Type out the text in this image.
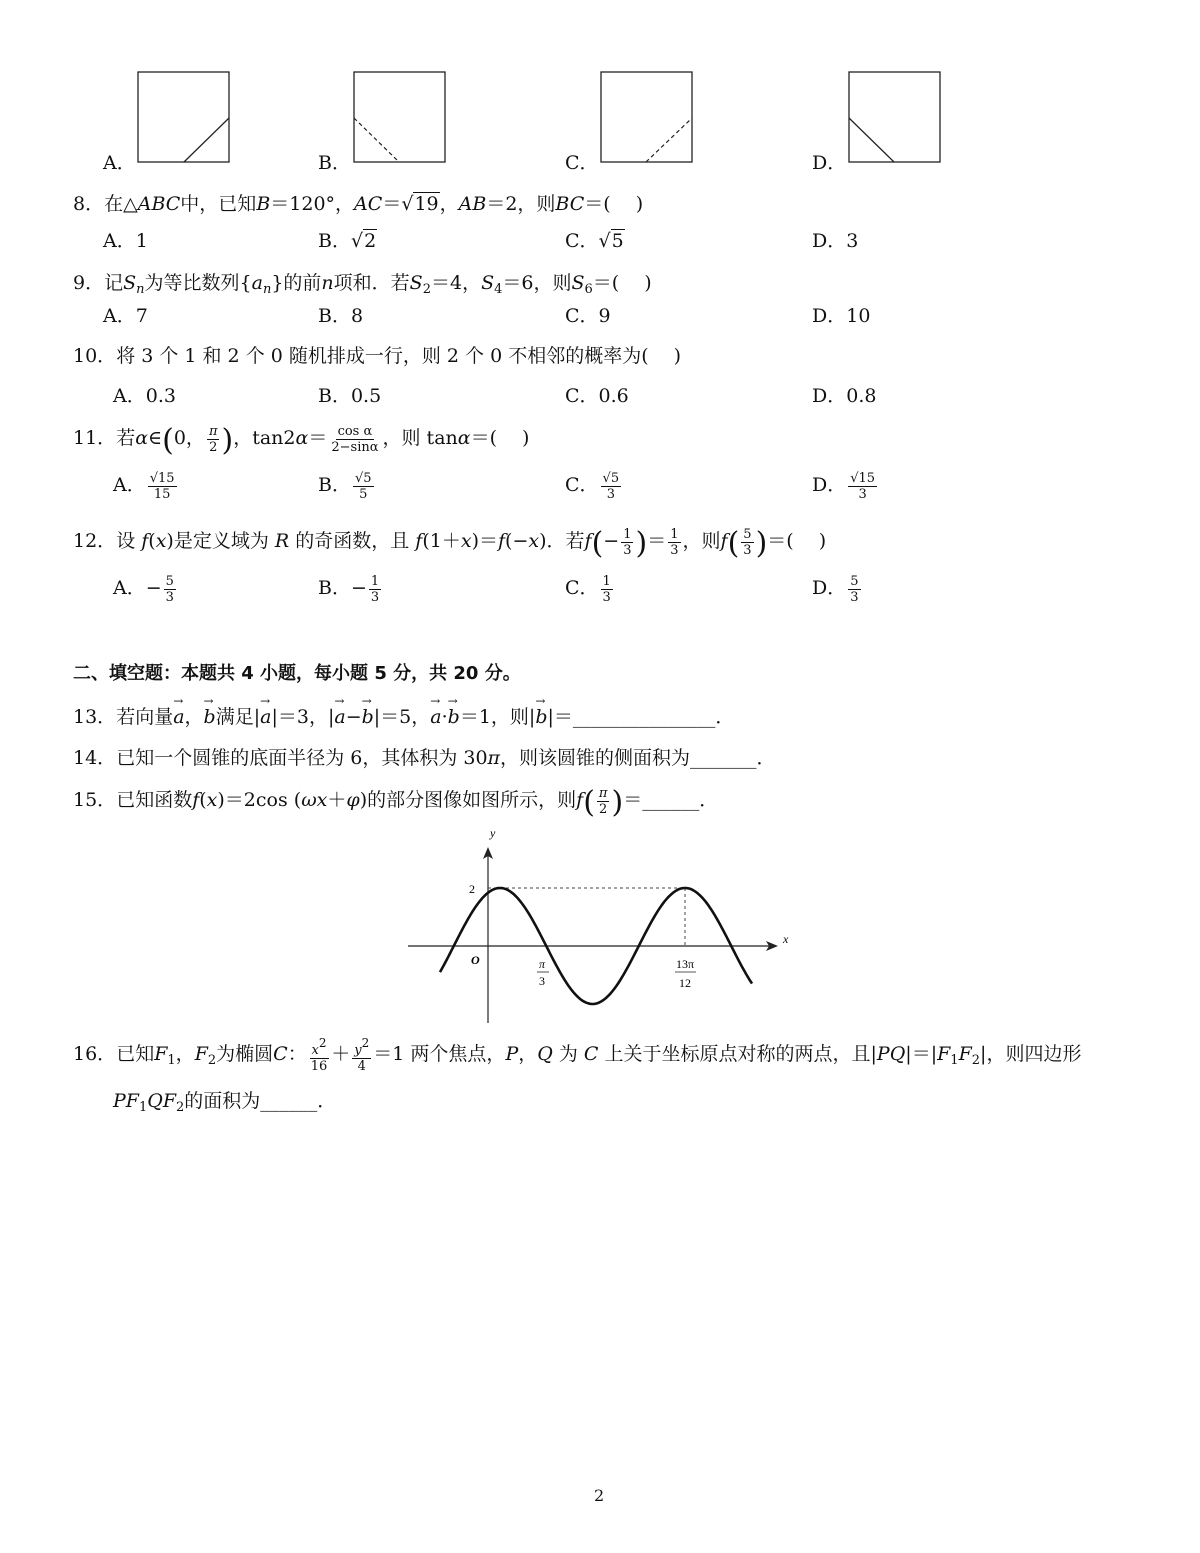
A．	B．	C．	D．
8．在△ABC中，已知B＝120°，AC＝√19，AB＝2，则BC＝(　 )
A．1	B．√2	C．√5	D．3
9．记$S_n$为等比数列$\{a_n\}$的前n项和．若$S_2=4$，$S_4=6$，则$S_6=$(　 )
A．7	B．8	C．9	D．10
10．将 3 个 1 和 2 个 0 随机排成一行，则 2 个 0 不相邻的概率为(　 )
A．0.3	B．0.5	C．0.6	D．0.8
11．若α∈(0， $\frac{\pi}{2}$ )，$\tan 2\alpha= \frac{\text{cos α}}{2-\sin\alpha}$ ，则 tanα＝(　 )
A． $\frac{√15}{15}$	B． $\frac{√5}{5}$	C． $\frac{√5}{3}$	D． $\frac{√15}{3}$
12．设 f(x)是定义域为 R 的奇函数，且 f(1＋x)＝f(−x)．若$f(- \frac{1}{3}$ )＝ $\frac{1}{3}$ ，则$f( \frac{5}{3}$ )＝(　 )
A．− $\frac{5}{3}$	B．− $\frac{1}{3}$	C． $\frac{1}{3}$	D． $\frac{5}{3}$
二、填空题：本题共 4 小题，每小题 5 分，共 20 分。
13．若向量→ a，→ b满足|→ a|＝3，|→ a−→ b|＝5，→ a·→ b＝1，则|→ b|＝_______________．
14．已知一个圆锥的底面半径为 6，其体积为 30π，则该圆锥的侧面积为_______．
15．已知函数f(x)＝2cos (ωx＋φ)的部分图像如图所示，则$f( \frac{\pi}{2}$ )＝______．
y
x
O
2
π
3
13π
12
16．已知$F_1$，$F_2$为椭圆C： $\frac{x2}{16} + \frac{y2}{4} =1$ 两个焦点，P，Q 为 C 上关于坐标原点对称的两点，且$|PQ|=|F_1F_2|$，则四边形
$PF_1QF_2$的面积为______．
2
